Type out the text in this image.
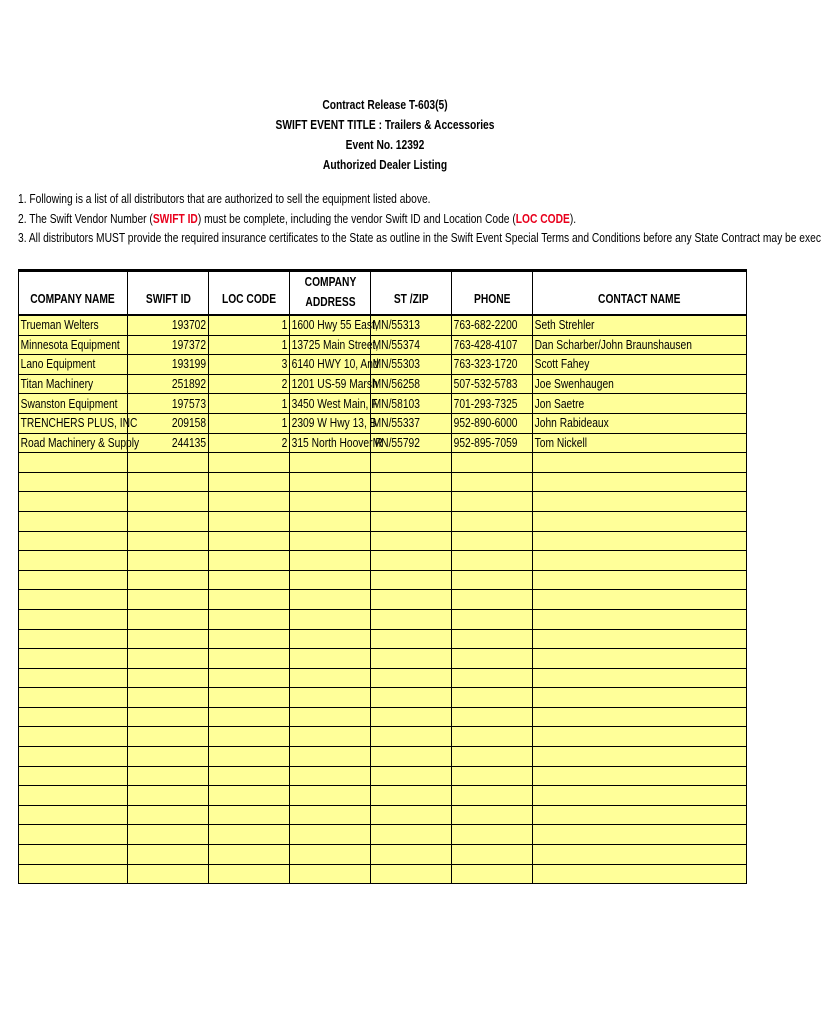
Contract Release T-603(5)
SWIFT EVENT TITLE : Trailers & Accessories
Event No. 12392
Authorized Dealer Listing
1. Following is a list of all distributors that are authorized to sell the equipment listed above.
2. The Swift Vendor Number (SWIFT ID) must be complete, including the vendor Swift ID and Location Code (LOC CODE).
3. All distributors MUST provide the required insurance certificates to the State as outline in the Swift Event Special Terms and Conditions before any State Contract may be exec
COMPANY NAME	SWIFT ID	LOC CODE	COMPANY
ADDRESS	ST /ZIP	PHONE	CONTACT NAME
Trueman Welters	193702	1	1600 Hwy 55 East,	MN/55313	763-682-2200	Seth Strehler
Minnesota Equipment	197372	1	13725 Main Street,	MN/55374	763-428-4107	Dan Scharber/John Braunshausen
Lano Equipment	193199	3	6140 HWY 10, And	MN/55303	763-323-1720	Scott Fahey
Titan Machinery	251892	2	1201 US-59 Marsh	MN/56258	507-532-5783	Joe Swenhaugen
Swanston Equipment	197573	1	3450 West Main, F	MN/58103	701-293-7325	Jon Saetre
TRENCHERS PLUS, INC	209158	1	2309 W Hwy 13, B	MN/55337	952-890-6000	John Rabideaux
Road Machinery & Supply	244135	2	315 North Hoover R	MN/55792	952-895-7059	Tom Nickell
